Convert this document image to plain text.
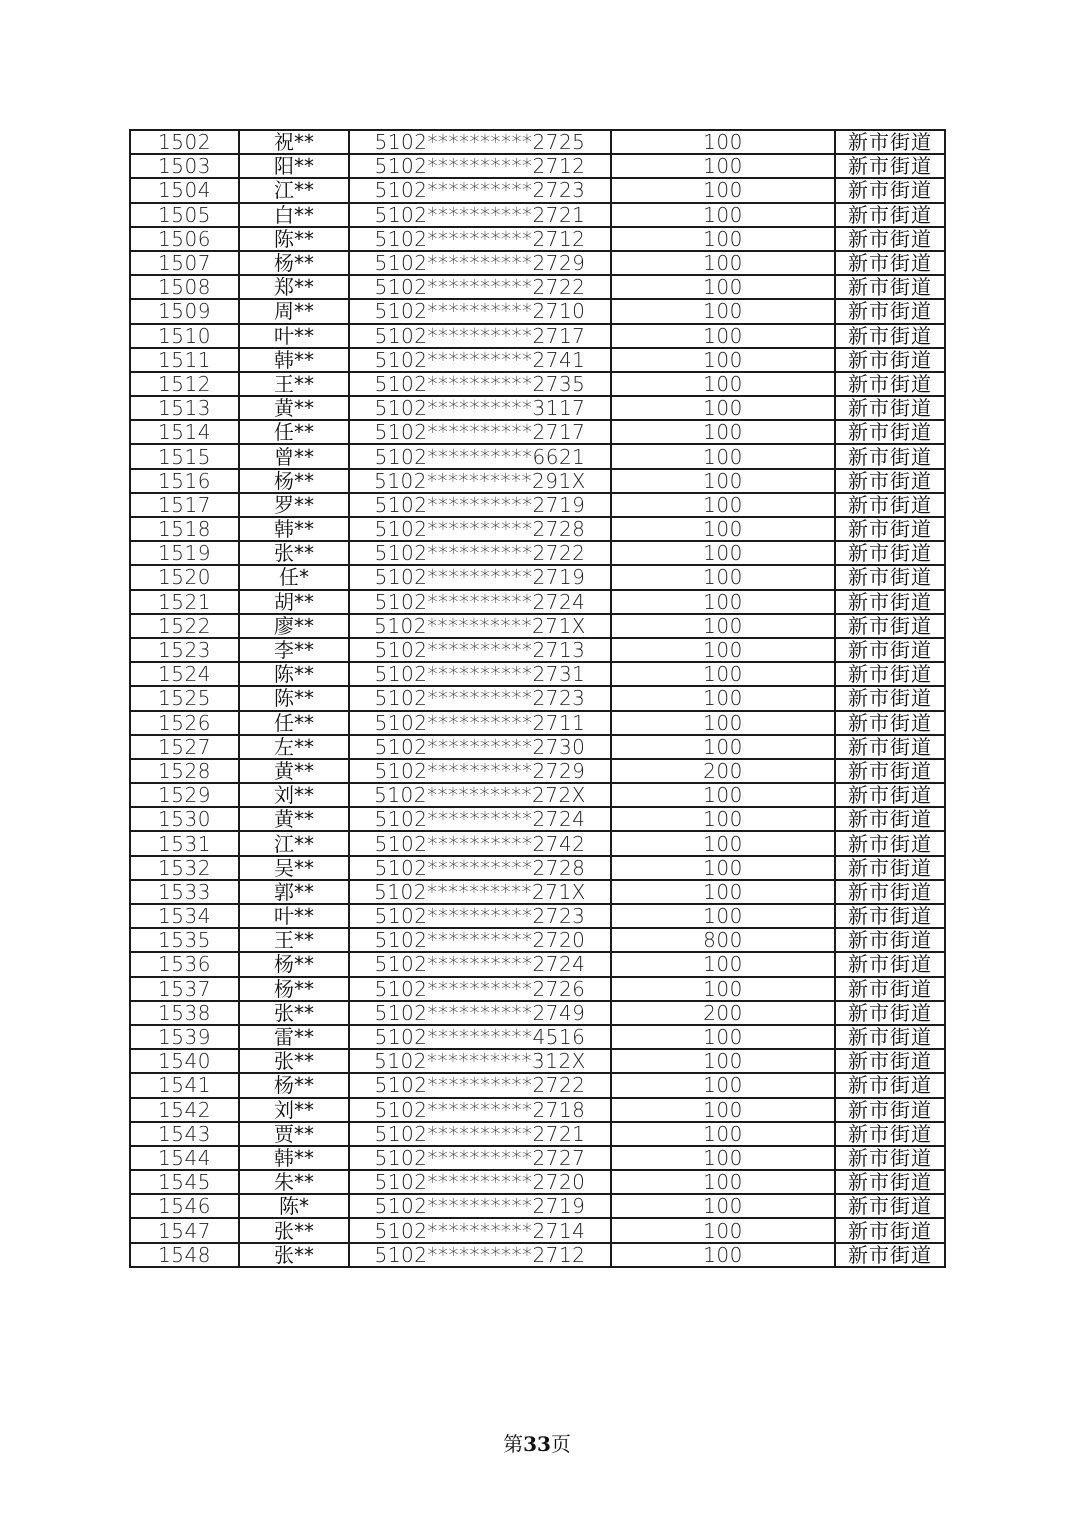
1502	祝**	5102**********2725	100	新市街道
1503	阳**	5102**********2712	100	新市街道
1504	江**	5102**********2723	100	新市街道
1505	白**	5102**********2721	100	新市街道
1506	陈**	5102**********2712	100	新市街道
1507	杨**	5102**********2729	100	新市街道
1508	郑**	5102**********2722	100	新市街道
1509	周**	5102**********2710	100	新市街道
1510	叶**	5102**********2717	100	新市街道
1511	韩**	5102**********2741	100	新市街道
1512	王**	5102**********2735	100	新市街道
1513	黄**	5102**********3117	100	新市街道
1514	任**	5102**********2717	100	新市街道
1515	曾**	5102**********6621	100	新市街道
1516	杨**	5102**********291X	100	新市街道
1517	罗**	5102**********2719	100	新市街道
1518	韩**	5102**********2728	100	新市街道
1519	张**	5102**********2722	100	新市街道
1520	任*	5102**********2719	100	新市街道
1521	胡**	5102**********2724	100	新市街道
1522	廖**	5102**********271X	100	新市街道
1523	李**	5102**********2713	100	新市街道
1524	陈**	5102**********2731	100	新市街道
1525	陈**	5102**********2723	100	新市街道
1526	任**	5102**********2711	100	新市街道
1527	左**	5102**********2730	100	新市街道
1528	黄**	5102**********2729	200	新市街道
1529	刘**	5102**********272X	100	新市街道
1530	黄**	5102**********2724	100	新市街道
1531	江**	5102**********2742	100	新市街道
1532	吴**	5102**********2728	100	新市街道
1533	郭**	5102**********271X	100	新市街道
1534	叶**	5102**********2723	100	新市街道
1535	王**	5102**********2720	800	新市街道
1536	杨**	5102**********2724	100	新市街道
1537	杨**	5102**********2726	100	新市街道
1538	张**	5102**********2749	200	新市街道
1539	雷**	5102**********4516	100	新市街道
1540	张**	5102**********312X	100	新市街道
1541	杨**	5102**********2722	100	新市街道
1542	刘**	5102**********2718	100	新市街道
1543	贾**	5102**********2721	100	新市街道
1544	韩**	5102**********2727	100	新市街道
1545	朱**	5102**********2720	100	新市街道
1546	陈*	5102**********2719	100	新市街道
1547	张**	5102**********2714	100	新市街道
1548	张**	5102**********2712	100	新市街道
第33页
